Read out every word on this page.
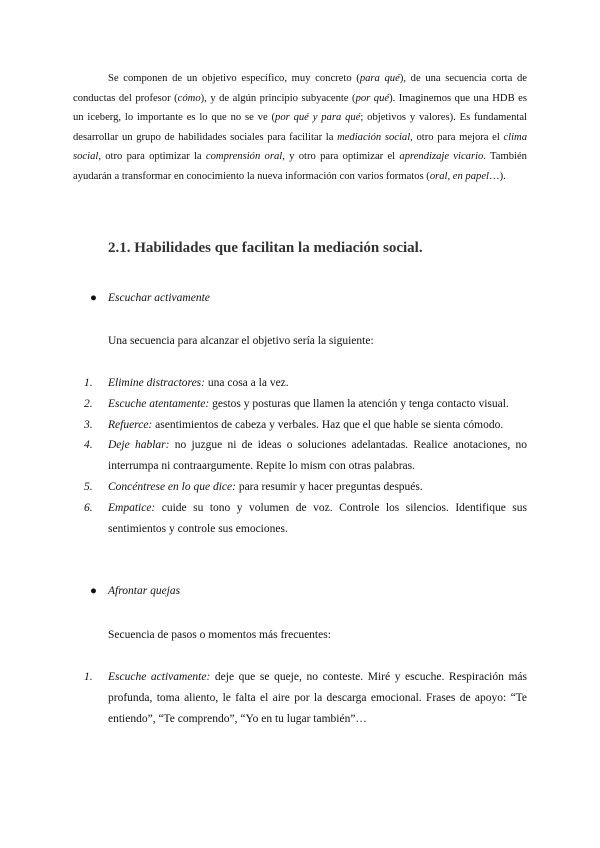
Se componen de un objetivo específico, muy concreto (para qué), de una secuencia corta de conductas del profesor (cómo), y de algún principio subyacente (por qué). Imaginemos que una HDB es un iceberg, lo importante es lo que no se ve (por qué y para qué; objetivos y valores). Es fundamental desarrollar un grupo de habilidades sociales para facilitar la mediación social, otro para mejora el clima social, otro para optimizar la comprensión oral, y otro para optimizar el aprendizaje vicario. También ayudarán a transformar en conocimiento la nueva información con varios formatos (oral, en papel…).

2.1. Habilidades que facilitan la mediación social.
● Escuchar activamente

Una secuencia para alcanzar el objetivo sería la siguiente:

1. Elimine distractores: una cosa a la vez.
2. Escuche atentamente: gestos y posturas que llamen la atención y tenga contacto visual.
3. Refuerce: asentimientos de cabeza y verbales. Haz que el que hable se sienta cómodo.
4. Deje hablar: no juzgue ni de ideas o soluciones adelantadas. Realice anotaciones, no interrumpa ni contraargumente. Repite lo mism con otras palabras.
5. Concéntrese en lo que dice: para resumir y hacer preguntas después.
6. Empatice: cuide su tono y volumen de voz. Controle los silencios. Identifique sus sentimientos y controle sus emociones.
● Afrontar quejas

Secuencia de pasos o momentos más frecuentes:

1. Escuche activamente: deje que se queje, no conteste. Miré y escuche. Respiración más profunda, toma aliento, le falta el aire por la descarga emocional. Frases de apoyo: “Te entiendo”, “Te comprendo”, “Yo en tu lugar también”…
